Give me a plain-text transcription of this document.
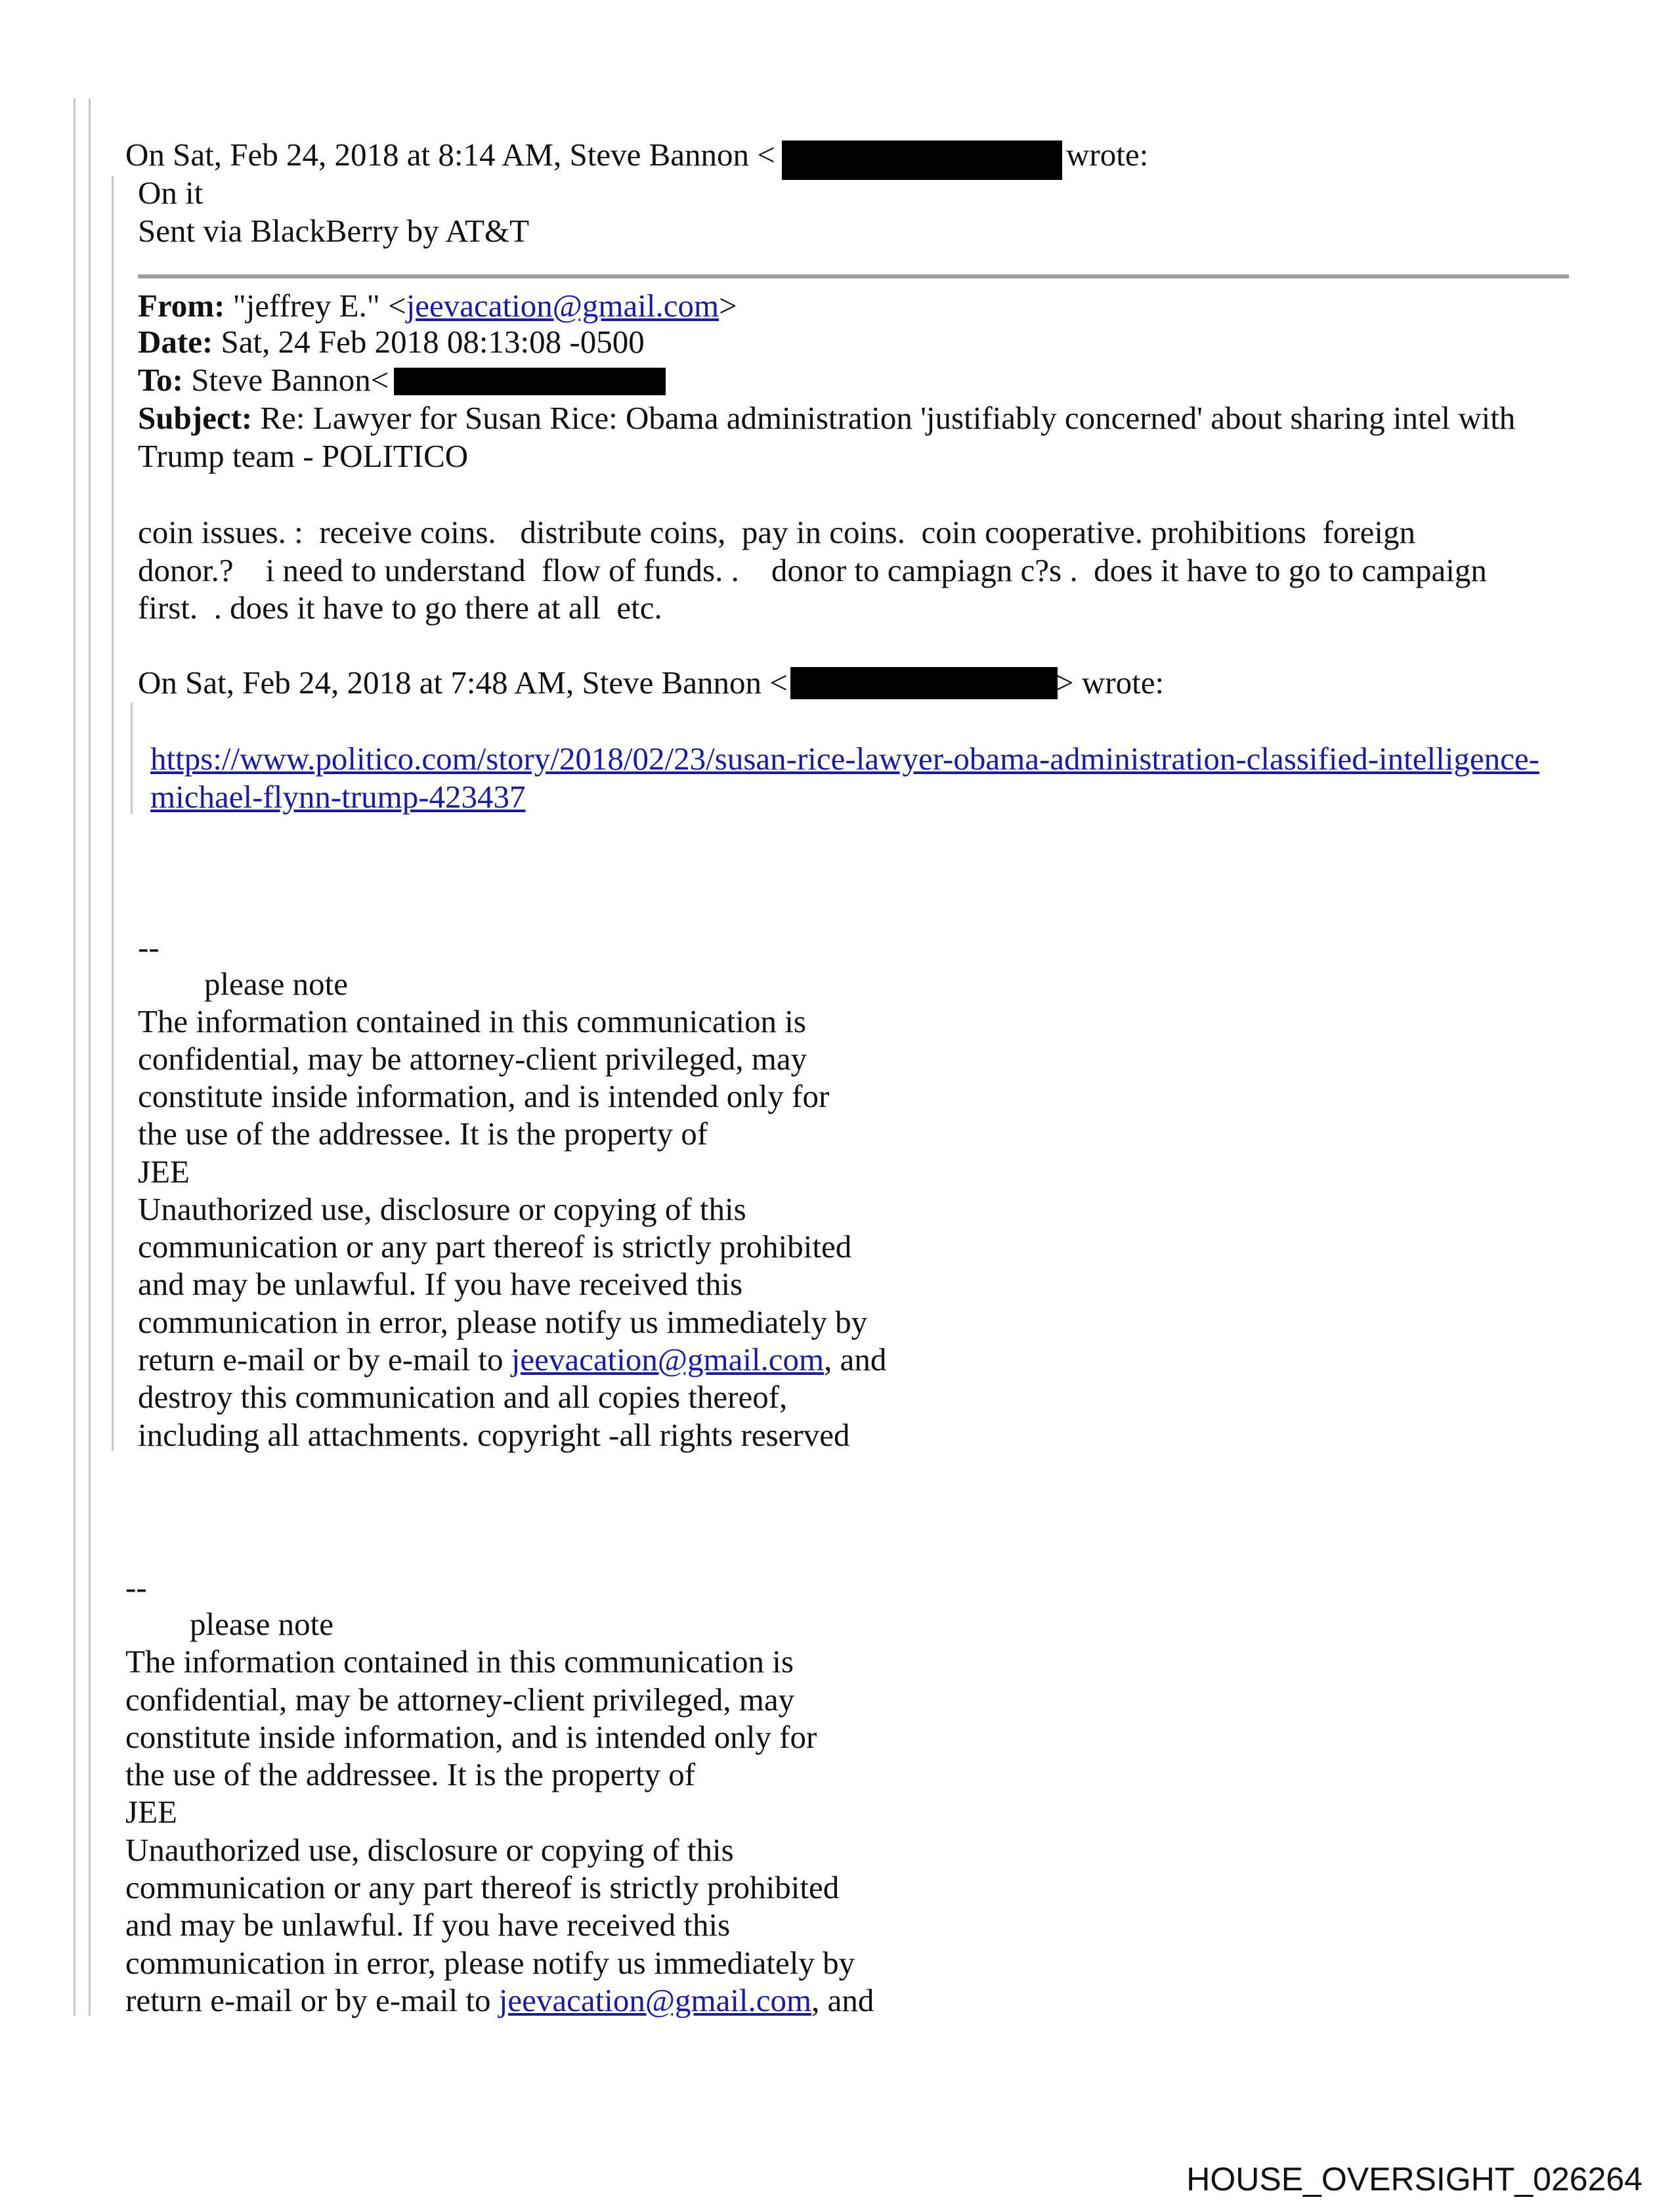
On Sat, Feb 24, 2018 at 8:14 AM, Steve Bannon <	wrote:
On it
Sent via BlackBerry by AT&T
From: "jeffrey E." <jeevacation@gmail.com>
Date: Sat, 24 Feb 2018 08:13:08 -0500
To: Steve Bannon<
Subject: Re: Lawyer for Susan Rice: Obama administration 'justifiably concerned' about sharing intel with
Trump team - POLITICO
coin issues. :  receive coins.   distribute coins,  pay in coins.  coin cooperative. prohibitions  foreign
donor.?    i need to understand  flow of funds. .    donor to campiagn c?s .  does it have to go to campaign
first.  . does it have to go there at all  etc.
On Sat, Feb 24, 2018 at 7:48 AM, Steve Bannon <	> wrote:
https://www.politico.com/story/2018/02/23/susan-rice-lawyer-obama-administration-classified-intelligence-
michael-flynn-trump-423437
--
please note
The information contained in this communication is
confidential, may be attorney-client privileged, may
constitute inside information, and is intended only for
the use of the addressee. It is the property of
JEE
Unauthorized use, disclosure or copying of this
communication or any part thereof is strictly prohibited
and may be unlawful. If you have received this
communication in error, please notify us immediately by
return e-mail or by e-mail to jeevacation@gmail.com, and
destroy this communication and all copies thereof,
including all attachments. copyright -all rights reserved
--
please note
The information contained in this communication is
confidential, may be attorney-client privileged, may
constitute inside information, and is intended only for
the use of the addressee. It is the property of
JEE
Unauthorized use, disclosure or copying of this
communication or any part thereof is strictly prohibited
and may be unlawful. If you have received this
communication in error, please notify us immediately by
return e-mail or by e-mail to jeevacation@gmail.com, and
HOUSE_OVERSIGHT_026264
